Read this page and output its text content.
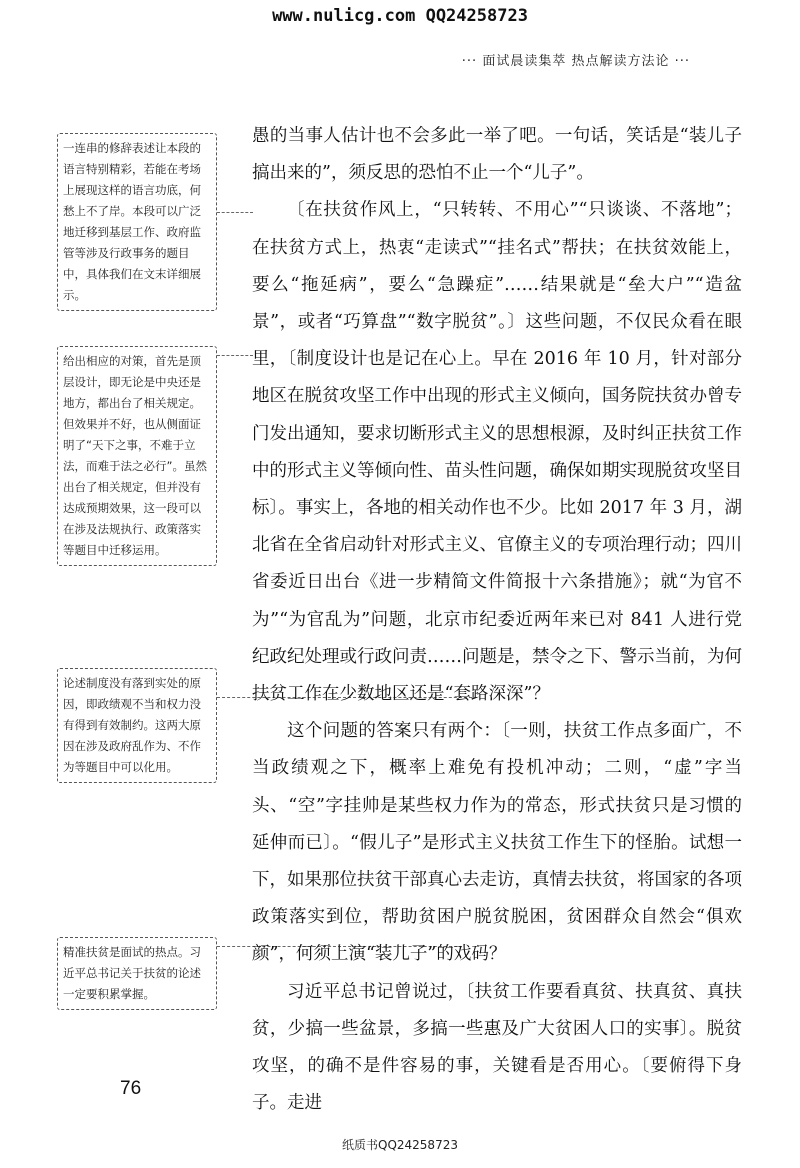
www.nulicg.com QQ24258723
··· 面试晨读集萃 热点解读方法论 ···
一连串的修辞表述让本段的语言特别精彩，若能在考场上展现这样的语言功底，何愁上不了岸。本段可以广泛地迁移到基层工作、政府监管等涉及行政事务的题目中，具体我们在文末详细展示。
给出相应的对策，首先是顶层设计，即无论是中央还是地方，都出台了相关规定。但效果并不好，也从侧面证明了“天下之事，不难于立法，而难于法之必行”。虽然出台了相关规定，但并没有达成预期效果，这一段可以在涉及法规执行、政策落实等题目中迁移运用。
论述制度没有落到实处的原因，即政绩观不当和权力没有得到有效制约。这两大原因在涉及政府乱作为、不作为等题目中可以化用。
精准扶贫是面试的热点。习近平总书记关于扶贫的论述一定要积累掌握。

愚的当事人估计也不会多此一举了吧。一句话，笑话是“装儿子搞出来的”，须反思的恐怕不止一个“儿子”。

〔在扶贫作风上，“只转转、不用心”“只谈谈、不落地”；在扶贫方式上，热衷“走读式”“挂名式”帮扶；在扶贫效能上，要么“拖延病”，要么“急躁症”……结果就是“垒大户”“造盆景”，或者“巧算盘”“数字脱贫”。〕这些问题，不仅民众看在眼里，〔制度设计也是记在心上。早在 2016 年 10 月，针对部分地区在脱贫攻坚工作中出现的形式主义倾向，国务院扶贫办曾专门发出通知，要求切断形式主义的思想根源，及时纠正扶贫工作中的形式主义等倾向性、苗头性问题，确保如期实现脱贫攻坚目标〕。事实上，各地的相关动作也不少。比如 2017 年 3 月，湖北省在全省启动针对形式主义、官僚主义的专项治理行动；四川省委近日出台《进一步精简文件简报十六条措施》；就“为官不为”“为官乱为”问题，北京市纪委近两年来已对 841 人进行党纪政纪处理或行政问责……问题是，禁令之下、警示当前，为何扶贫工作在少数地区还是“套路深深”？

这个问题的答案只有两个：〔一则，扶贫工作点多面广，不当政绩观之下，概率上难免有投机冲动；二则，“虚”字当头、“空”字挂帅是某些权力作为的常态，形式扶贫只是习惯的延伸而已〕。“假儿子”是形式主义扶贫工作生下的怪胎。试想一下，如果那位扶贫干部真心去走访，真情去扶贫，将国家的各项政策落实到位，帮助贫困户脱贫脱困，贫困群众自然会“俱欢颜”，何须上演“装儿子”的戏码？

习近平总书记曾说过，〔扶贫工作要看真贫、扶真贫、真扶贫，少搞一些盆景，多搞一些惠及广大贫困人口的实事〕。脱贫攻坚，的确不是件容易的事，关键看是否用心。〔要俯得下身子。走进

76
纸质书QQ24258723
